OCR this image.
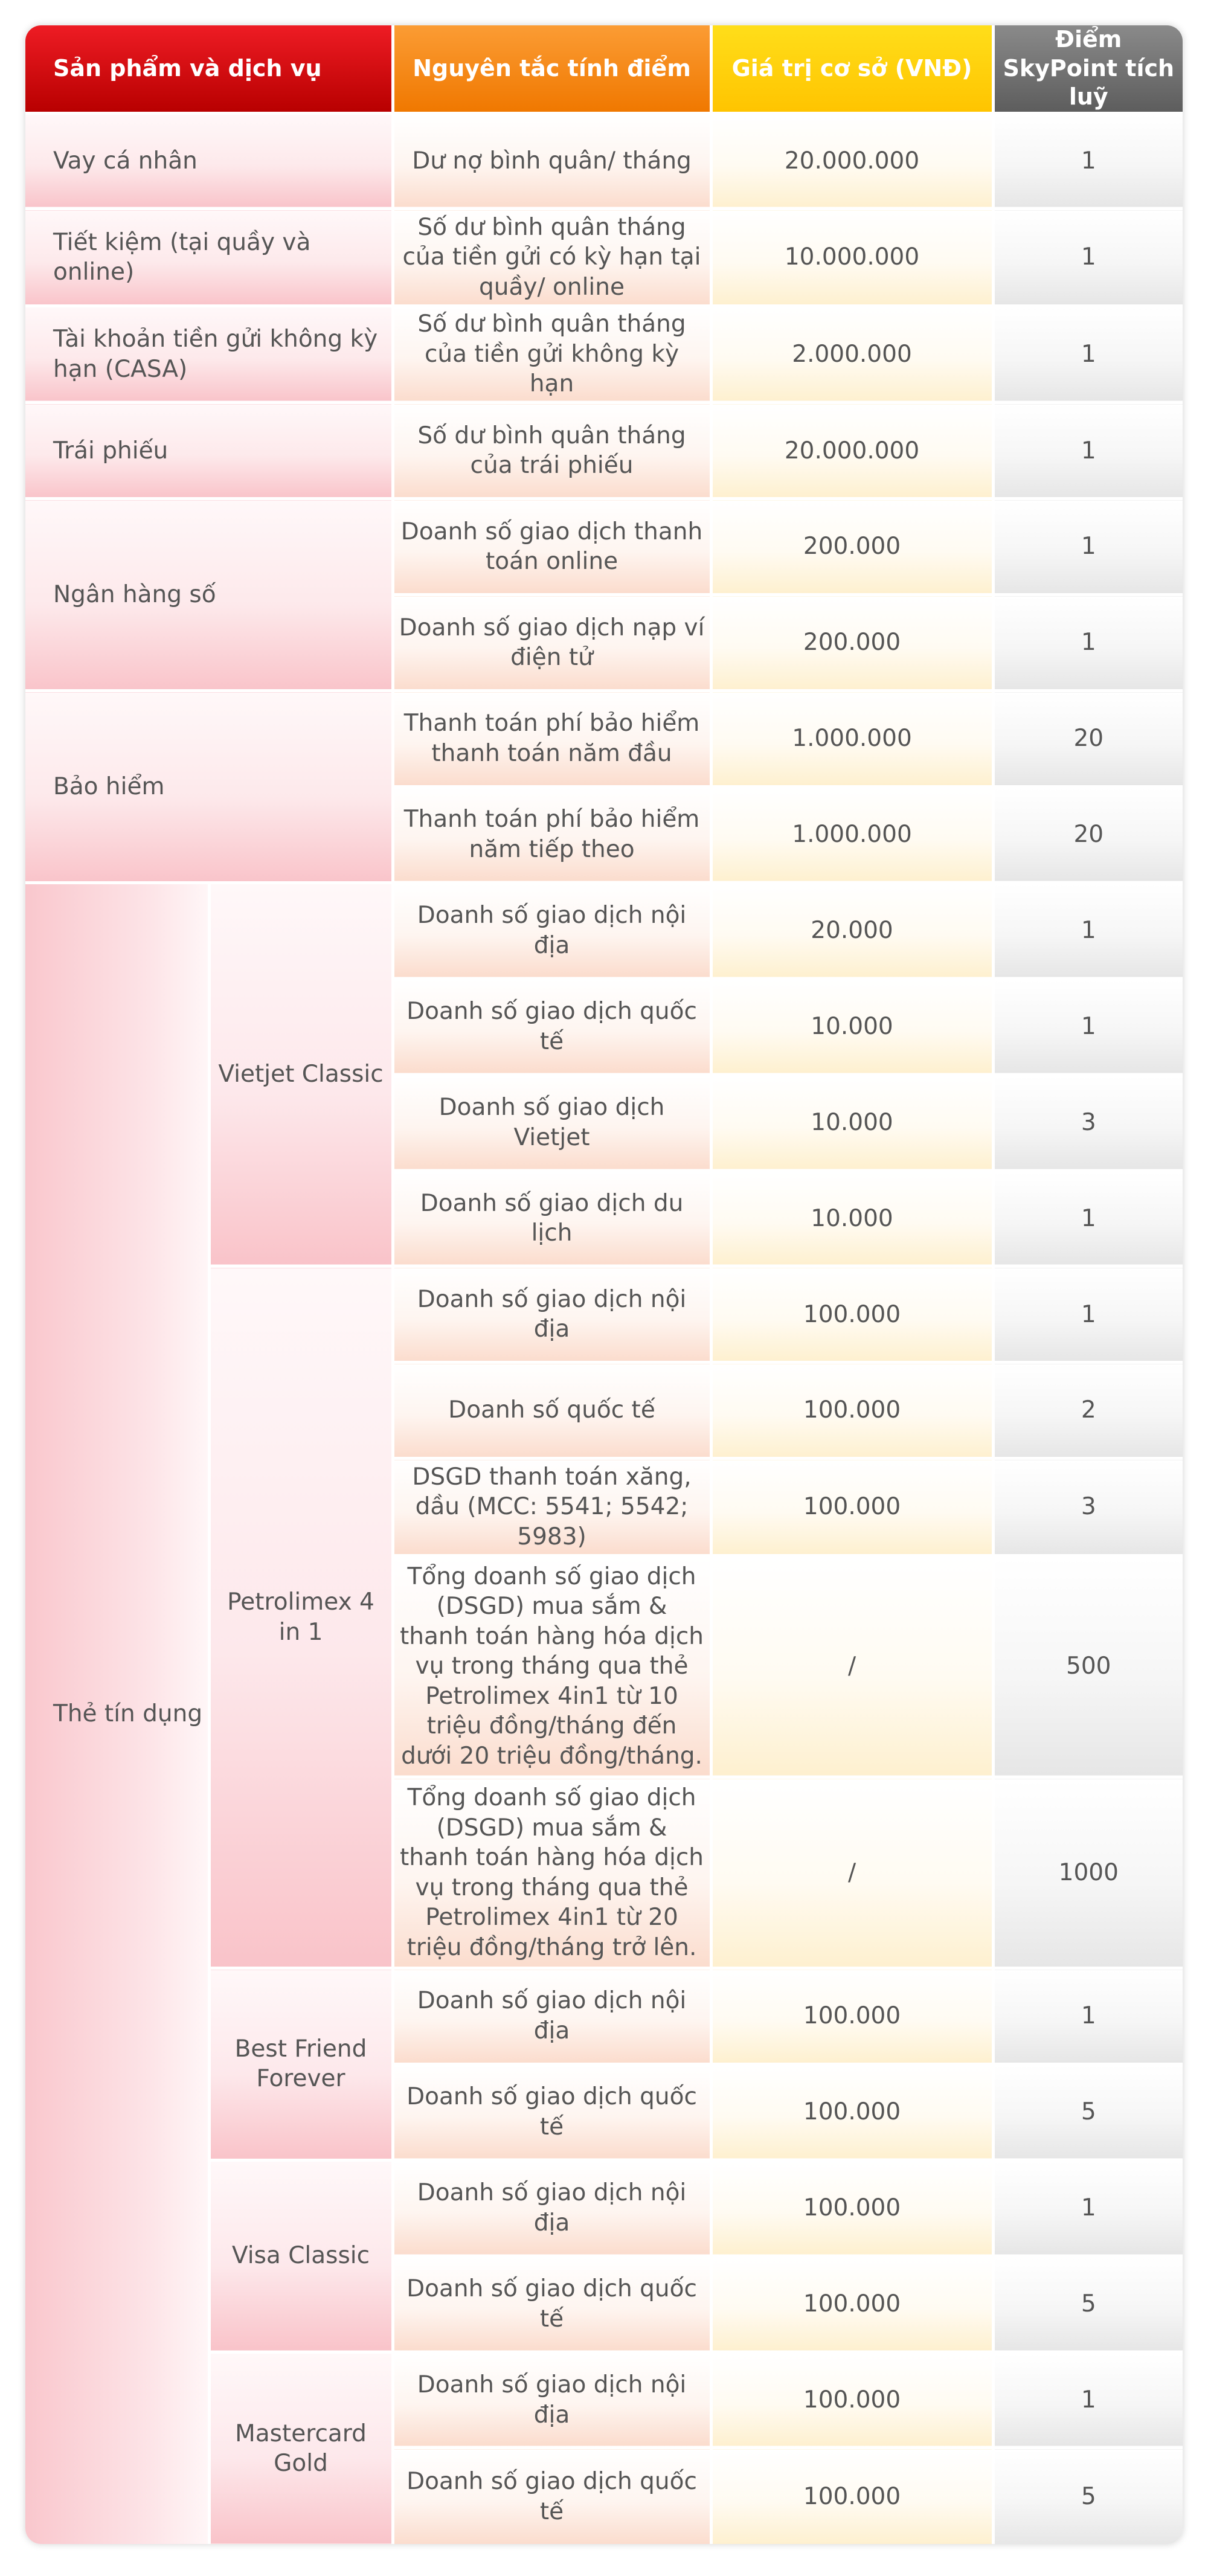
Sản phẩm và dịch vụ		Nguyên tắc tính điểm	Giá trị cơ sở (VNĐ)	Điểm SkyPoint tích luỹ
Vay cá nhân		Dư nợ bình quân/ tháng	20.000.000	1
Tiết kiệm (tại quầy và online)		Số dư bình quân tháng của tiền gửi có kỳ hạn tại quầy/ online	10.000.000	1
Tài khoản tiền gửi không kỳ hạn (CASA)		Số dư bình quân tháng của tiền gửi không kỳ hạn	2.000.000	1
Trái phiếu		Số dư bình quân tháng của trái phiếu	20.000.000	1
Ngân hàng số		Doanh số giao dịch thanh toán online	200.000	1
		Doanh số giao dịch nạp ví điện tử	200.000	1
Bảo hiểm		Thanh toán phí bảo hiểm thanh toán năm đầu	1.000.000	20
		Thanh toán phí bảo hiểm năm tiếp theo	1.000.000	20
Thẻ tín dụng	Vietjet Classic	Doanh số giao dịch nội địa	20.000	1
		Doanh số giao dịch quốc tế	10.000	1
		Doanh số giao dịch Vietjet	10.000	3
		Doanh số giao dịch du lịch	10.000	1
	Petrolimex 4 in 1	Doanh số giao dịch nội địa	100.000	1
		Doanh số quốc tế	100.000	2
		DSGD thanh toán xăng, dầu (MCC: 5541; 5542; 5983)	100.000	3
		Tổng doanh số giao dịch (DSGD) mua sắm & thanh toán hàng hóa dịch vụ trong tháng qua thẻ Petrolimex 4in1 từ 10 triệu đồng/tháng đến dưới 20 triệu đồng/tháng.	/	500
		Tổng doanh số giao dịch (DSGD) mua sắm & thanh toán hàng hóa dịch vụ trong tháng qua thẻ Petrolimex 4in1 từ 20 triệu đồng/tháng trở lên.	/	1000
	Best Friend Forever	Doanh số giao dịch nội địa	100.000	1
		Doanh số giao dịch quốc tế	100.000	5
	Visa Classic	Doanh số giao dịch nội địa	100.000	1
		Doanh số giao dịch quốc tế	100.000	5
	Mastercard Gold	Doanh số giao dịch nội địa	100.000	1
		Doanh số giao dịch quốc tế	100.000	5
